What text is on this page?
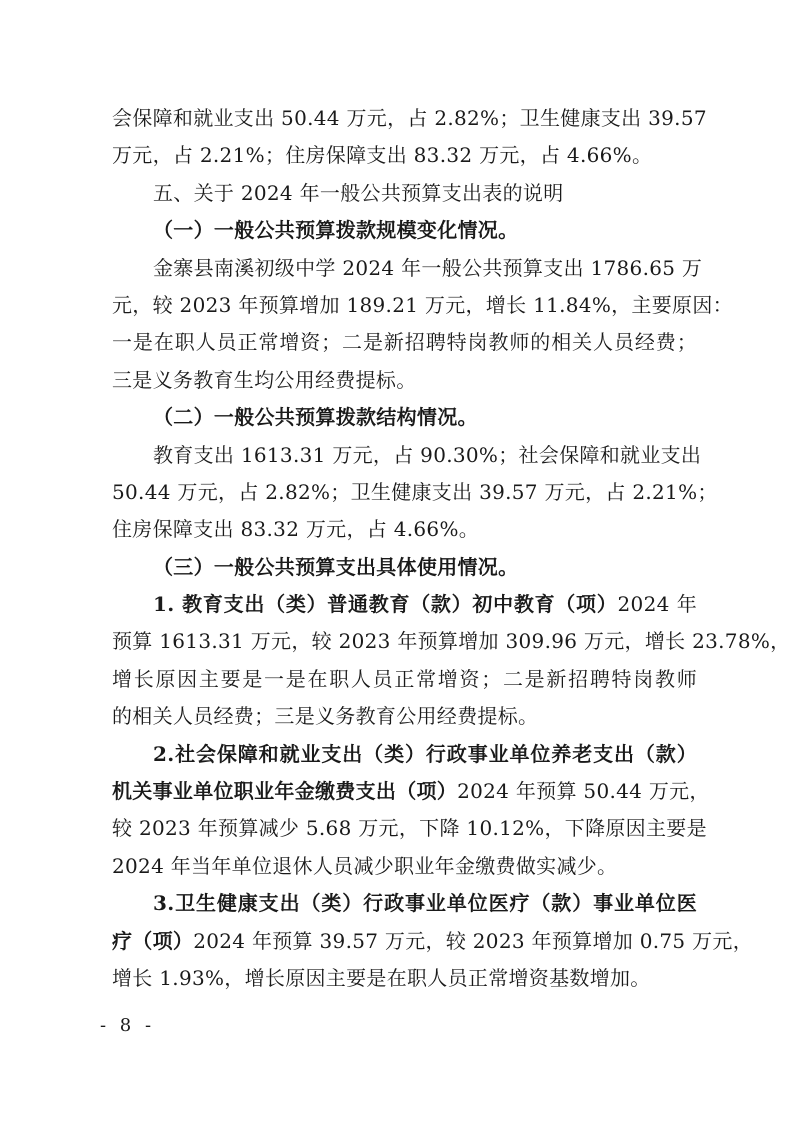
会保障和就业支出 50.44 万元，占 2.82%；卫生健康支出 39.57
万元，占 2.21%；住房保障支出 83.32 万元，占 4.66%。
五、关于 2024 年一般公共预算支出表的说明
（一）一般公共预算拨款规模变化情况。
金寨县南溪初级中学 2024 年一般公共预算支出 1786.65 万
元，较 2023 年预算增加 189.21 万元，增长 11.84%，主要原因：
一是在职人员正常增资；二是新招聘特岗教师的相关人员经费；
三是义务教育生均公用经费提标。
（二）一般公共预算拨款结构情况。
教育支出 1613.31 万元，占 90.30%；社会保障和就业支出
50.44 万元，占 2.82%；卫生健康支出 39.57 万元，占 2.21%；
住房保障支出 83.32 万元，占 4.66%。
（三）一般公共预算支出具体使用情况。
1. 教育支出（类）普通教育（款）初中教育（项）2024 年
预算 1613.31 万元，较 2023 年预算增加 309.96 万元，增长 23.78%，
增长原因主要是一是在职人员正常增资；二是新招聘特岗教师
的相关人员经费；三是义务教育公用经费提标。
2.社会保障和就业支出（类）行政事业单位养老支出（款）
机关事业单位职业年金缴费支出（项）2024 年预算 50.44 万元，
较 2023 年预算减少 5.68 万元，下降 10.12%，下降原因主要是
2024 年当年单位退休人员减少职业年金缴费做实减少。
3.卫生健康支出（类）行政事业单位医疗（款）事业单位医
疗（项）2024 年预算 39.57 万元，较 2023 年预算增加 0.75 万元，
增长 1.93%，增长原因主要是在职人员正常增资基数增加。
- 8 -
